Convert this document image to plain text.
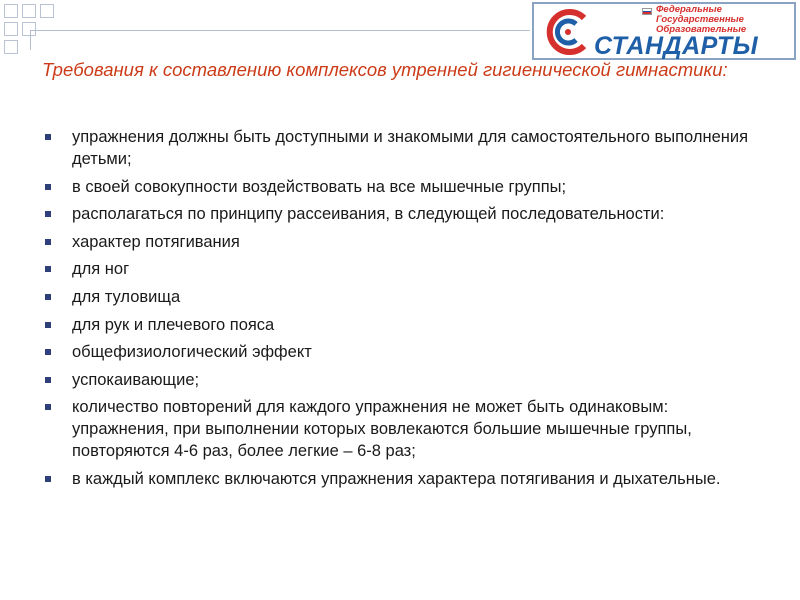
Федеральные
Государственные
Образовательные
СТАНДАРТЫ
Требования к составлению комплексов утренней гигиенической гимнастики:
упражнения должны быть доступными и знакомыми для самостоятельного выполнения детьми;
в своей совокупности воздействовать на все мышечные группы;
располагаться по принципу рассеивания, в следующей последовательности:
характер потягивания
для ног
для туловища
для рук и плечевого пояса
общефизиологический эффект
успокаивающие;
количество повторений для каждого упражнения не может быть одинаковым: упражнения, при выполнении которых вовлекаются большие мышечные группы, повторяются 4-6 раз, более легкие – 6-8 раз;
в каждый комплекс включаются упражнения характера потягивания и дыхательные.
